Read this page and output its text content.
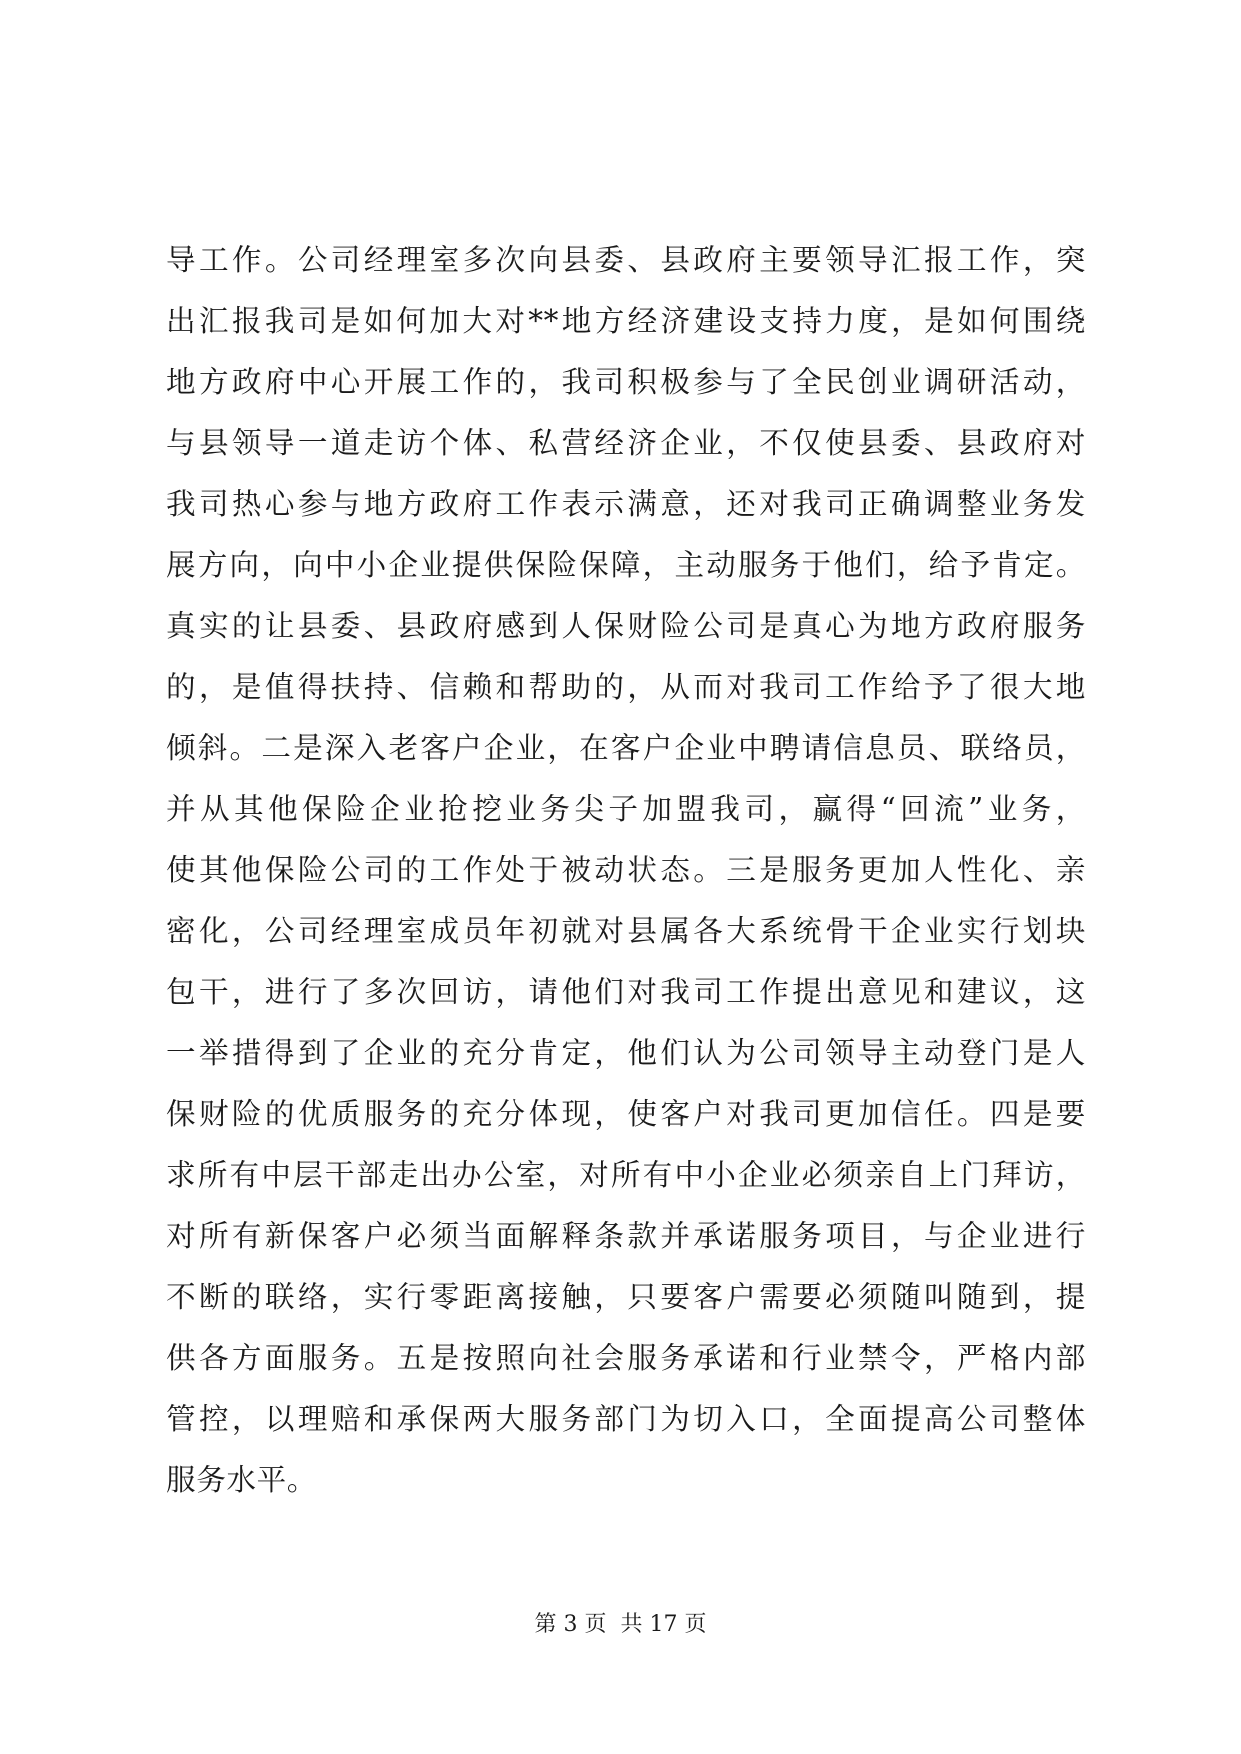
导工作。公司经理室多次向县委、县政府主要领导汇报工作，突
出汇报我司是如何加大对**地方经济建设支持力度，是如何围绕
地方政府中心开展工作的，我司积极参与了全民创业调研活动，
与县领导一道走访个体、私营经济企业，不仅使县委、县政府对
我司热心参与地方政府工作表示满意，还对我司正确调整业务发
展方向，向中小企业提供保险保障，主动服务于他们，给予肯定。
真实的让县委、县政府感到人保财险公司是真心为地方政府服务
的，是值得扶持、信赖和帮助的，从而对我司工作给予了很大地
倾斜。二是深入老客户企业，在客户企业中聘请信息员、联络员，
并从其他保险企业抢挖业务尖子加盟我司，赢得“回流”业务，
使其他保险公司的工作处于被动状态。三是服务更加人性化、亲
密化，公司经理室成员年初就对县属各大系统骨干企业实行划块
包干，进行了多次回访，请他们对我司工作提出意见和建议，这
一举措得到了企业的充分肯定，他们认为公司领导主动登门是人
保财险的优质服务的充分体现，使客户对我司更加信任。四是要
求所有中层干部走出办公室，对所有中小企业必须亲自上门拜访，
对所有新保客户必须当面解释条款并承诺服务项目，与企业进行
不断的联络，实行零距离接触，只要客户需要必须随叫随到，提
供各方面服务。五是按照向社会服务承诺和行业禁令，严格内部
管控，以理赔和承保两大服务部门为切入口，全面提高公司整体
服务水平。
第 3 页  共 17 页
